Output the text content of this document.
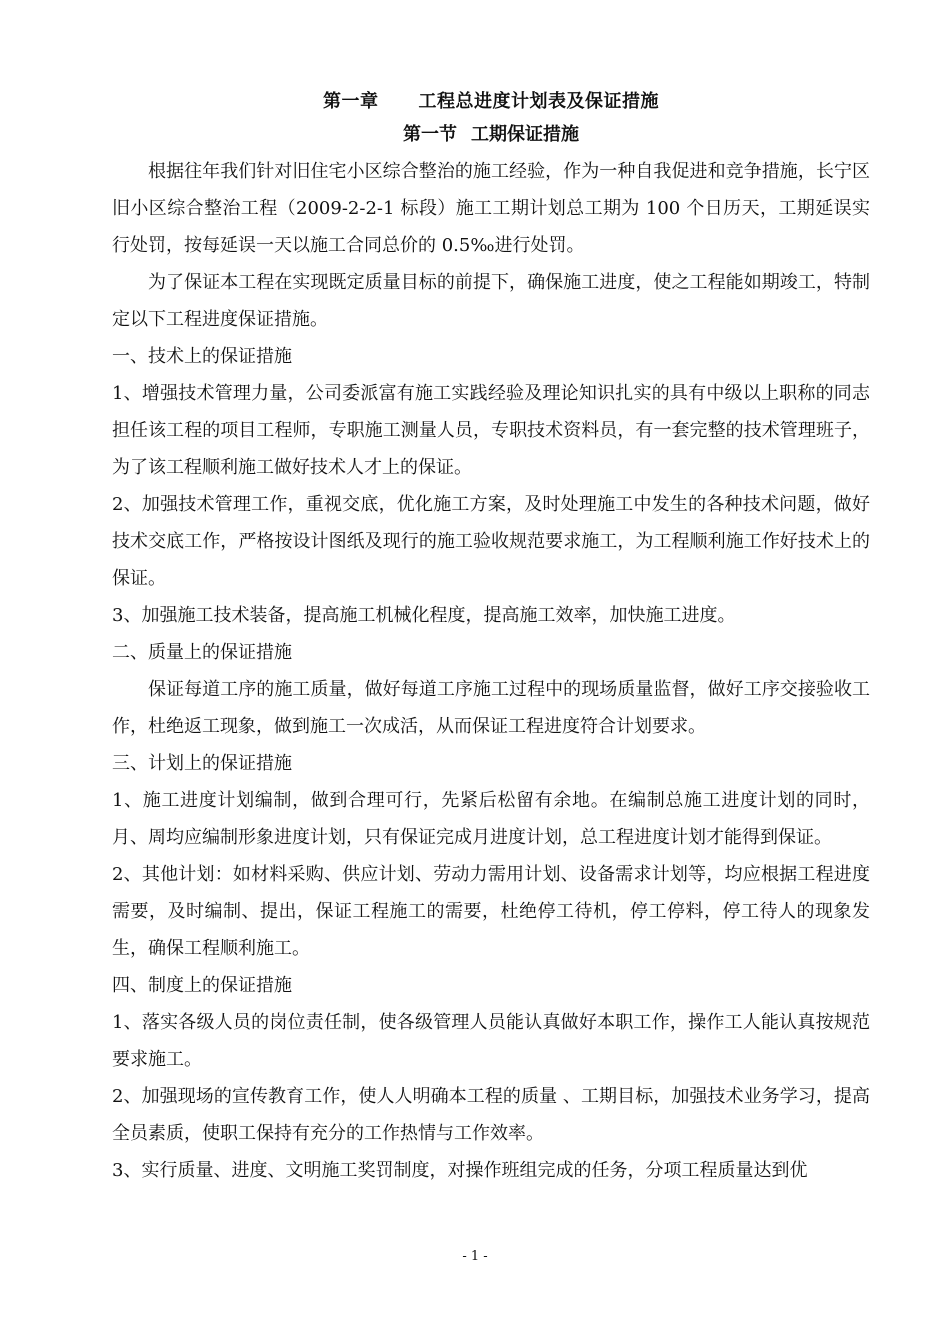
第一章 工程总进度计划表及保证措施
第一节 工期保证措施

根据往年我们针对旧住宅小区综合整治的施工经验，作为一种自我促进和竞争措施，长宁区旧小区综合整治工程（2009-2-2-1 标段）施工工期计划总工期为 100 个日历天，工期延误实行处罚，按每延误一天以施工合同总价的 0.5‰进行处罚。

为了保证本工程在实现既定质量目标的前提下，确保施工进度，使之工程能如期竣工，特制定以下工程进度保证措施。

一、技术上的保证措施

1、增强技术管理力量，公司委派富有施工实践经验及理论知识扎实的具有中级以上职称的同志担任该工程的项目工程师，专职施工测量人员，专职技术资料员，有一套完整的技术管理班子，为了该工程顺利施工做好技术人才上的保证。

2、加强技术管理工作，重视交底，优化施工方案，及时处理施工中发生的各种技术问题，做好技术交底工作，严格按设计图纸及现行的施工验收规范要求施工，为工程顺利施工作好技术上的保证。

3、加强施工技术装备，提高施工机械化程度，提高施工效率，加快施工进度。

二、质量上的保证措施

保证每道工序的施工质量，做好每道工序施工过程中的现场质量监督，做好工序交接验收工作，杜绝返工现象，做到施工一次成活，从而保证工程进度符合计划要求。

三、计划上的保证措施

1、施工进度计划编制，做到合理可行，先紧后松留有余地。在编制总施工进度计划的同时，月、周均应编制形象进度计划，只有保证完成月进度计划，总工程进度计划才能得到保证。

2、其他计划：如材料采购、供应计划、劳动力需用计划、设备需求计划等，均应根据工程进度需要，及时编制、提出，保证工程施工的需要，杜绝停工待机，停工停料，停工待人的现象发生，确保工程顺利施工。

四、制度上的保证措施

1、落实各级人员的岗位责任制，使各级管理人员能认真做好本职工作，操作工人能认真按规范要求施工。

2、加强现场的宣传教育工作，使人人明确本工程的质量 、工期目标，加强技术业务学习，提高全员素质，使职工保持有充分的工作热情与工作效率。

3、实行质量、进度、文明施工奖罚制度，对操作班组完成的任务，分项工程质量达到优

- 1 -
